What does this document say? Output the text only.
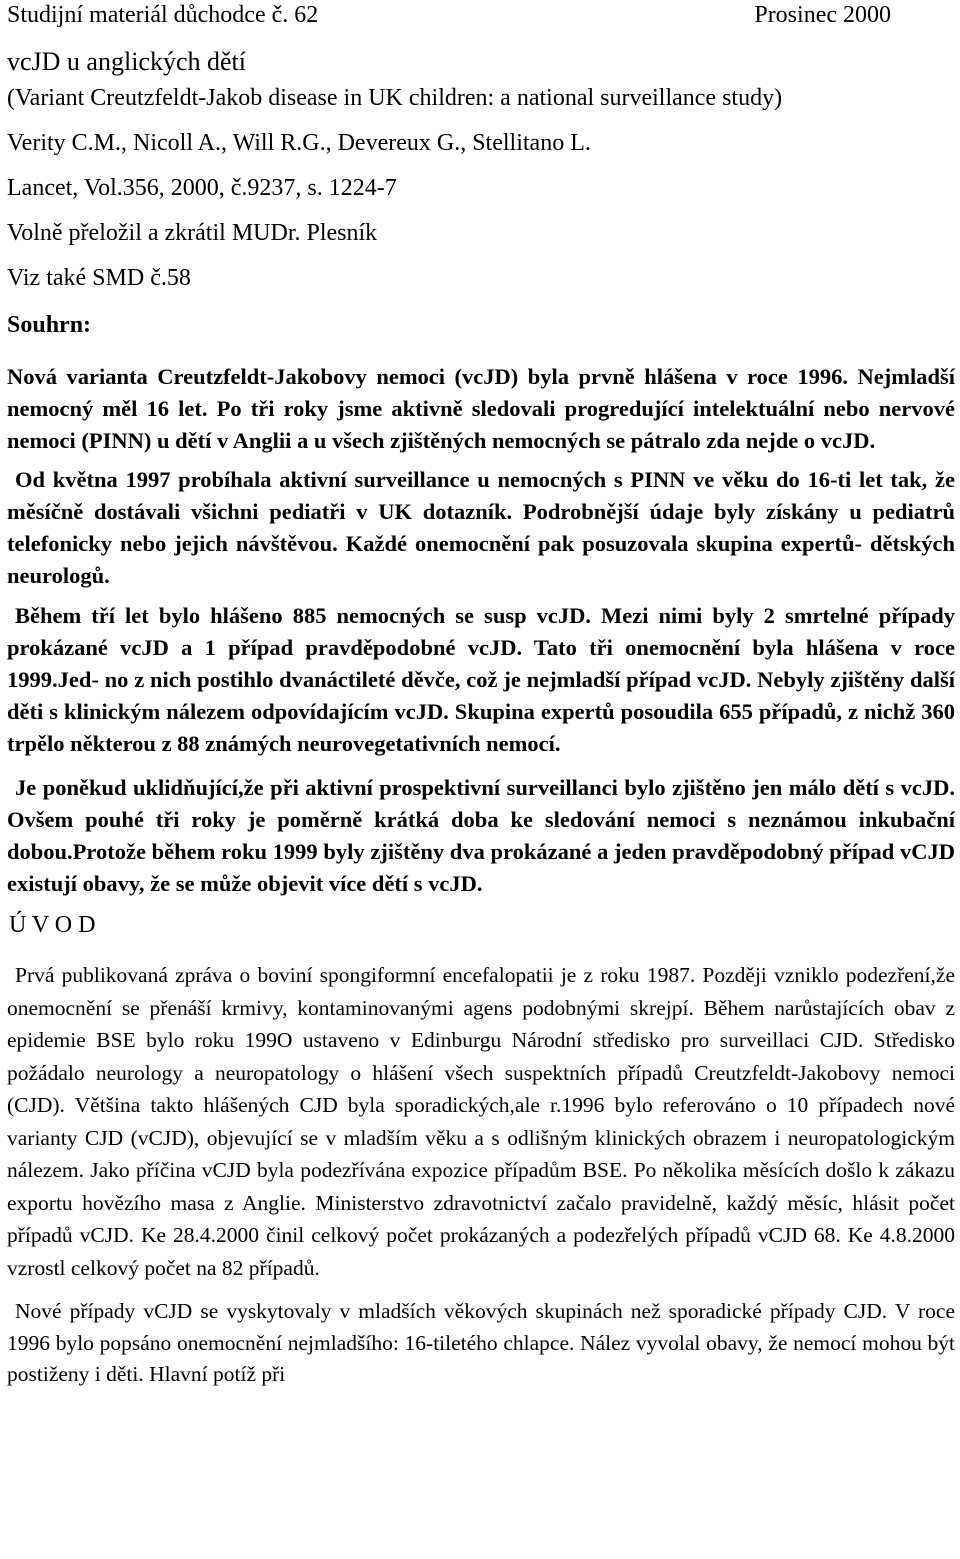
Studijní materiál důchodce č. 62	Prosinec 2000
vcJD u anglických dětí
(Variant Creutzfeldt-Jakob disease in UK children: a national surveillance study)
Verity C.M., Nicoll A., Will R.G., Devereux G., Stellitano L.
Lancet, Vol.356, 2000, č.9237, s. 1224-7
Volně přeložil a zkrátil MUDr. Plesník
Viz také SMD č.58
Souhrn:

Nová varianta Creutzfeldt-Jakobovy nemoci (vcJD) byla prvně hlášena v roce 1996. Nejmladší nemocný měl 16 let. Po tři roky jsme aktivně sledovali progredující intelektuální nebo nervové nemoci (PINN) u dětí v Anglii a u všech zjištěných nemocných se pátralo zda nejde o vcJD.

Od května 1997 probíhala aktivní surveillance u nemocných s PINN ve věku do 16-ti let tak, že měsíčně dostávali všichni pediatři v UK dotazník. Podrobnější údaje byly získány u pediatrů telefonicky nebo jejich návštěvou. Každé onemocnění pak posuzovala skupina expertů- dětských neurologů.

Během tří let bylo hlášeno 885 nemocných se susp vcJD. Mezi nimi byly 2 smrtelné případy prokázané vcJD a 1 případ pravděpodobné vcJD. Tato tři onemocnění byla hlášena v roce 1999.Jed- no z nich postihlo dvanáctileté děvče, což je nejmladší případ vcJD. Nebyly zjištěny další děti s klinickým nálezem odpovídajícím vcJD. Skupina expertů posoudila 655 případů, z nichž 360 trpělo některou z 88 známých neurovegetativních nemocí.

Je poněkud uklidňující,že při aktivní prospektivní surveillanci bylo zjištěno jen málo dětí s vcJD. Ovšem pouhé tři roky je poměrně krátká doba ke sledování nemoci s neznámou inkubační dobou.Protože během roku 1999 byly zjištěny dva prokázané a jeden pravděpodobný případ vCJD existují obavy, že se může objevit více dětí s vcJD.

Ú V O D

Prvá publikovaná zpráva o boviní spongiformní encefalopatii je z roku 1987. Později vzniklo podezření,že onemocnění se přenáší krmivy, kontaminovanými agens podobnými skrejpí. Během narůstajících obav z epidemie BSE bylo roku 199O ustaveno v Edinburgu Národní středisko pro surveillaci CJD. Středisko požádalo neurology a neuropatology o hlášení všech suspektních případů Creutzfeldt-Jakobovy nemoci (CJD). Většina takto hlášených CJD byla sporadických,ale r.1996 bylo referováno o 10 případech nové varianty CJD (vCJD), objevující se v mladším věku a s odlišným klinických obrazem i neuropatologickým nálezem. Jako příčina vCJD byla podezřívána expozice případům BSE. Po několika měsících došlo k zákazu exportu hovězího masa z Anglie. Ministerstvo zdravotnictví začalo pravidelně, každý měsíc, hlásit počet případů vCJD. Ke 28.4.2000 činil celkový počet prokázaných a podezřelých případů vCJD 68. Ke 4.8.2000 vzrostl celkový počet na 82 případů.

Nové případy vCJD se vyskytovaly v mladších věkových skupinách než sporadické případy CJD. V roce 1996 bylo popsáno onemocnění nejmladšího: 16-tiletého chlapce. Nález vyvolal obavy, že nemocí mohou být postiženy i děti. Hlavní potíž při
